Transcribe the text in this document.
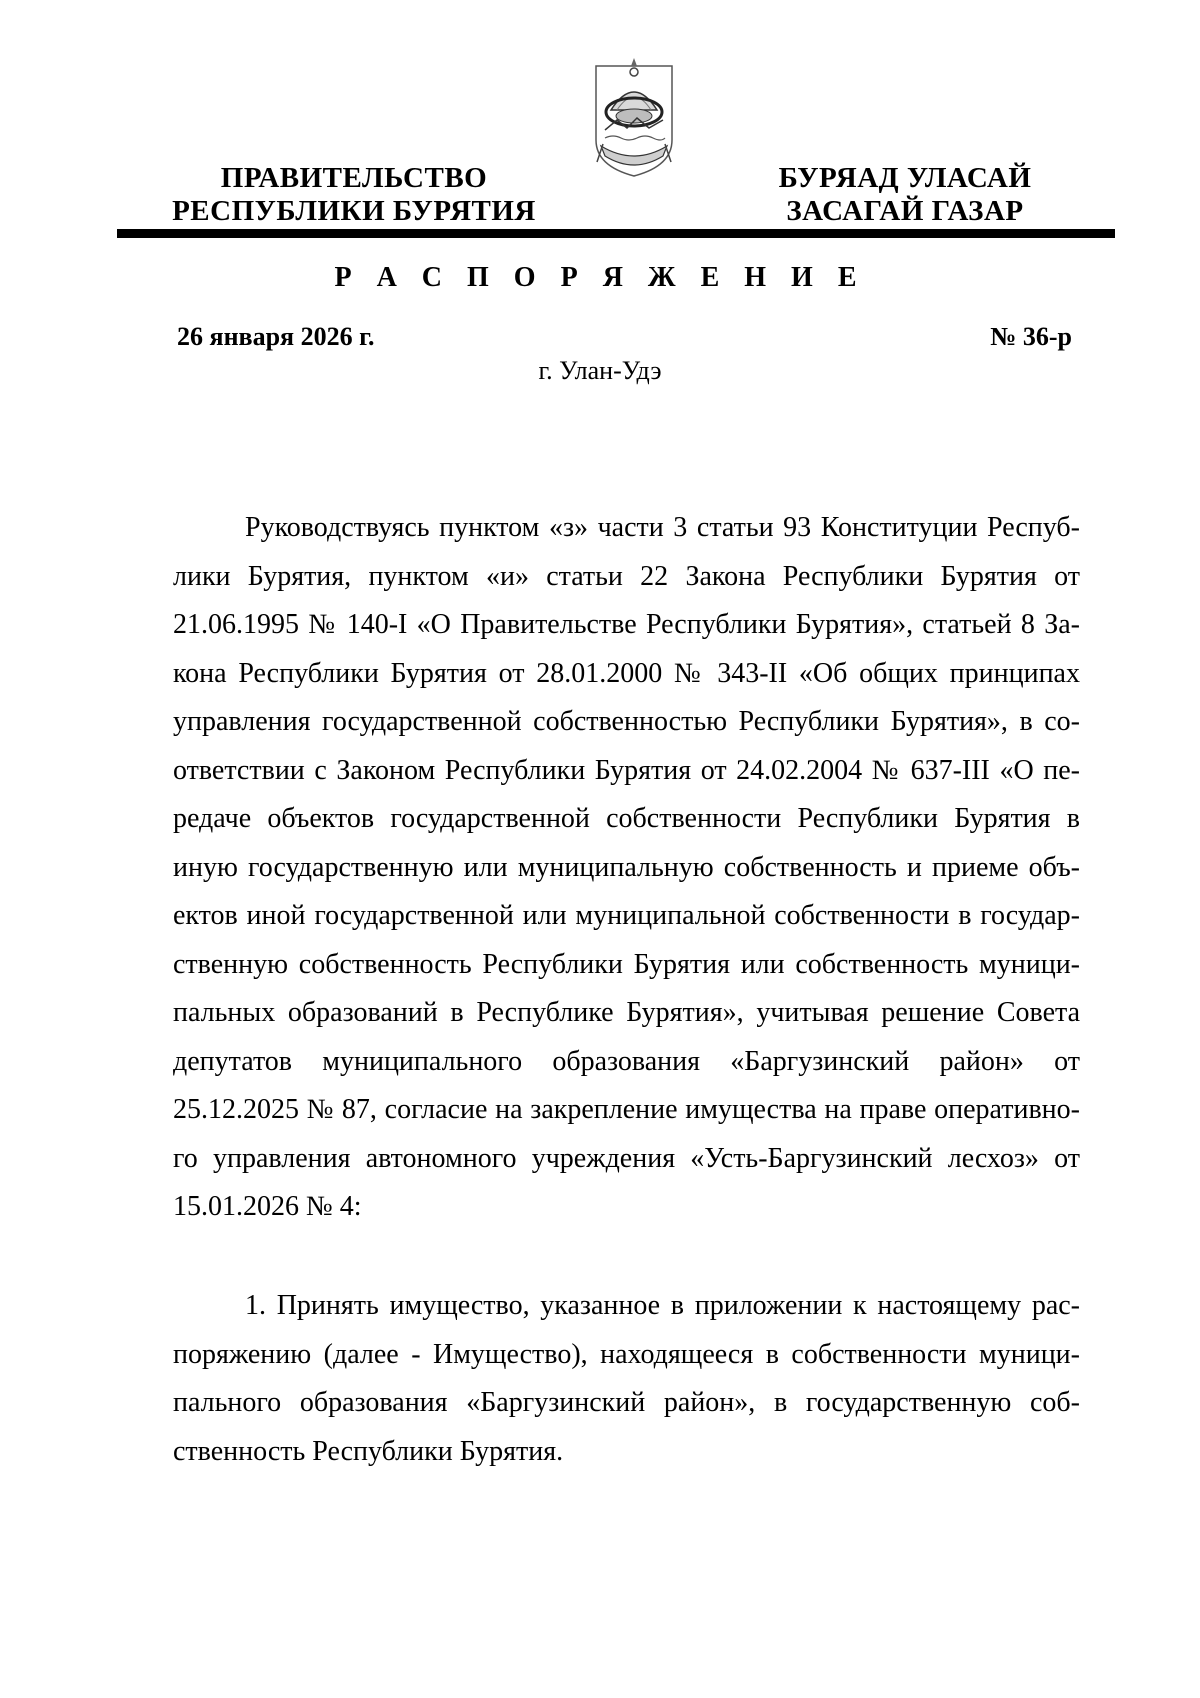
ПРАВИТЕЛЬСТВО
РЕСПУБЛИКИ БУРЯТИЯ
БУРЯАД УЛАСАЙ
ЗАСАГАЙ ГАЗАР
Р А С П О Р Я Ж Е Н И Е
26 января 2026 г.	№ 36-р
г. Улан-Удэ
Руководствуясь пунктом «з» части 3 статьи 93 Конституции Респуб-
лики Бурятия, пунктом «и» статьи 22 Закона Республики Бурятия от
21.06.1995 № 140-I «О Правительстве Республики Бурятия», статьей 8 За-
кона Республики Бурятия от 28.01.2000 № 343-II «Об общих принципах
управления государственной собственностью Республики Бурятия», в со-
ответствии с Законом Республики Бурятия от 24.02.2004 № 637-III «О пе-
редаче объектов государственной собственности Республики Бурятия в
иную государственную или муниципальную собственность и приеме объ-
ектов иной государственной или муниципальной собственности в государ-
ственную собственность Республики Бурятия или собственность муници-
пальных образований в Республике Бурятия», учитывая решение Совета
депутатов муниципального образования «Баргузинский район» от
25.12.2025 № 87, согласие на закрепление имущества на праве оперативно-
го управления автономного учреждения «Усть-Баргузинский лесхоз» от
15.01.2026 № 4:
1. Принять имущество, указанное в приложении к настоящему рас-
поряжению (далее - Имущество), находящееся в собственности муници-
пального образования «Баргузинский район», в государственную соб-
ственность Республики Бурятия.
